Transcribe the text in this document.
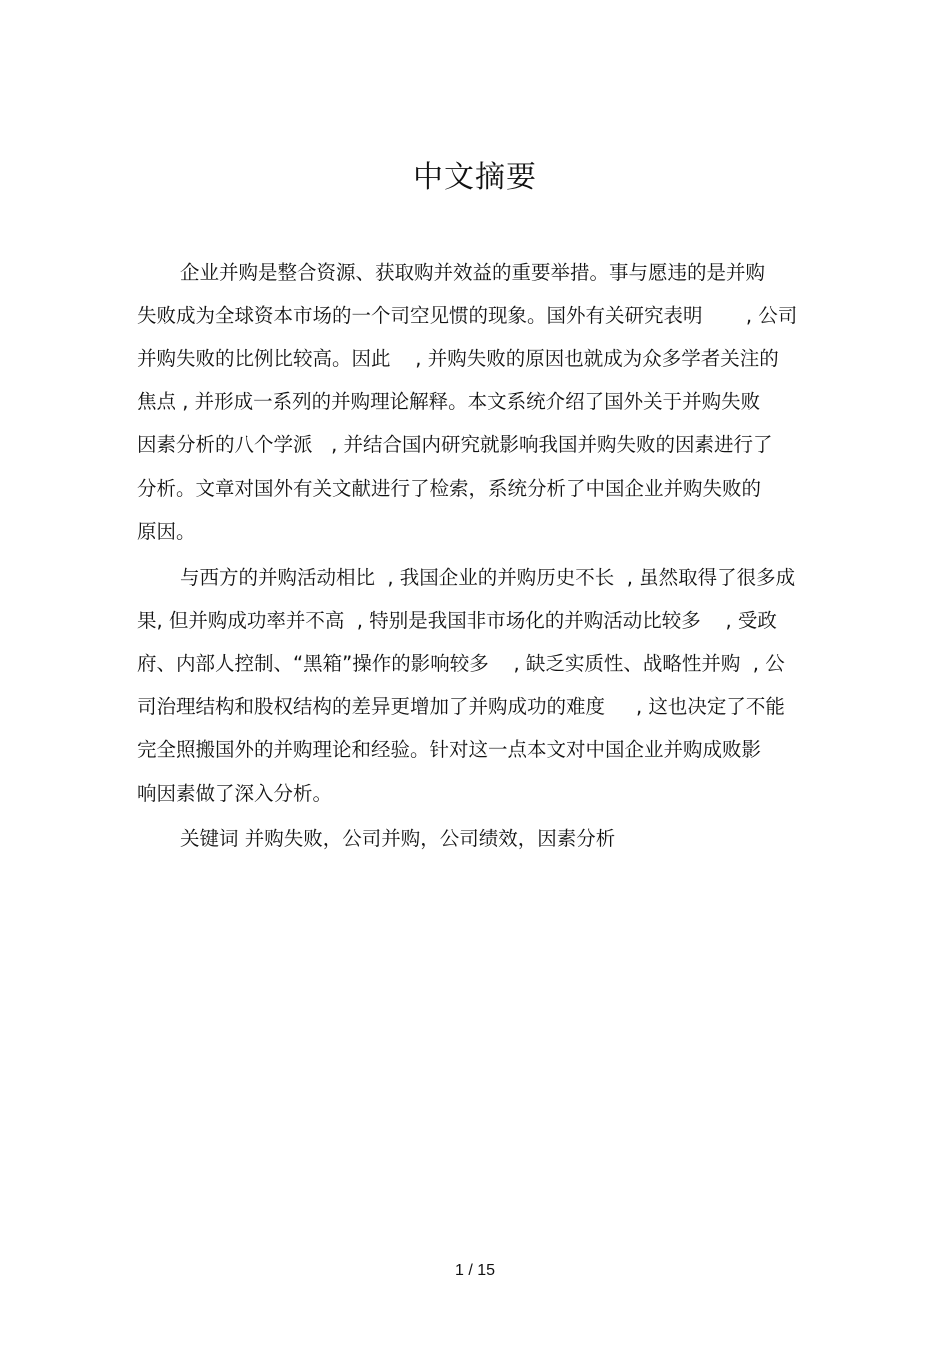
中文摘要
企业并购是整合资源、获取购并效益的重要举措。事与愿违的是并购
失败成为全球资本市场的一个司空见惯的现象。国外有关研究表明       , 公司
并购失败的比例比较高。因此    , 并购失败的原因也就成为众多学者关注的
焦点 , 并形成一系列的并购理论解释。本文系统介绍了国外关于并购失败
因素分析的八个学派   , 并结合国内研究就影响我国并购失败的因素进行了
分析。文章对国外有关文献进行了检索，系统分析了中国企业并购失败的
原因。
与西方的并购活动相比  , 我国企业的并购历史不长  , 虽然取得了很多成
果, 但并购成功率并不高  , 特别是我国非市场化的并购活动比较多    , 受政
府、内部人控制、“黑箱”操作的影响较多    , 缺乏实质性、战略性并购  , 公
司治理结构和股权结构的差异更增加了并购成功的难度     , 这也决定了不能
完全照搬国外的并购理论和经验。针对这一点本文对中国企业并购成败影
响因素做了深入分析。
关键词 并购失败，公司并购，公司绩效，因素分析
1 / 15
